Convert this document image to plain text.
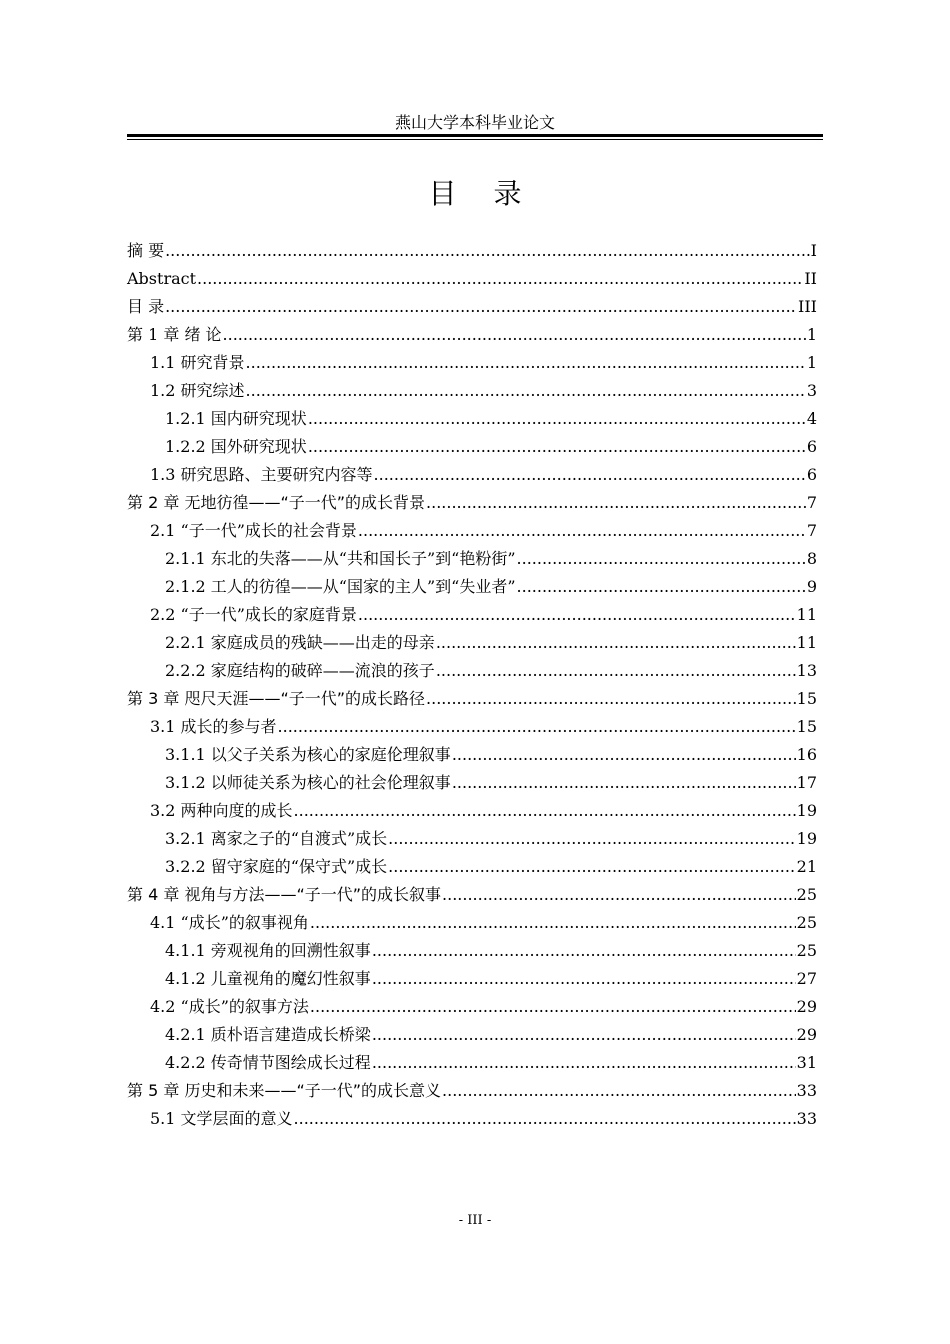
燕山大学本科毕业论文
目 录
摘 要 .....	I
Abstract .....	II
目 录 .....	III
第 1 章 绪 论 .....	1
1.1 研究背景 .....	1
1.2 研究综述 .....	3
1.2.1 国内研究现状 .....	4
1.2.2 国外研究现状 .....	6
1.3 研究思路、主要研究内容等 .....	6
第 2 章 无地彷徨——“子一代”的成长背景 .....	7
2.1 “子一代”成长的社会背景 .....	7
2.1.1 东北的失落——从“共和国长子”到“艳粉街” .....	8
2.1.2 工人的彷徨——从“国家的主人”到“失业者” .....	9
2.2 “子一代”成长的家庭背景 .....	11
2.2.1 家庭成员的残缺——出走的母亲 .....	11
2.2.2 家庭结构的破碎——流浪的孩子 .....	13
第 3 章 咫尺天涯——“子一代”的成长路径 .....	15
3.1 成长的参与者 .....	15
3.1.1 以父子关系为核心的家庭伦理叙事 .....	16
3.1.2 以师徒关系为核心的社会伦理叙事 .....	17
3.2 两种向度的成长 .....	19
3.2.1 离家之子的“自渡式”成长 .....	19
3.2.2 留守家庭的“保守式”成长 .....	21
第 4 章 视角与方法——“子一代”的成长叙事 .....	25
4.1 “成长”的叙事视角 .....	25
4.1.1 旁观视角的回溯性叙事 .....	25
4.1.2 儿童视角的魔幻性叙事 .....	27
4.2 “成长”的叙事方法 .....	29
4.2.1 质朴语言建造成长桥梁 .....	29
4.2.2 传奇情节图绘成长过程 .....	31
第 5 章 历史和未来——“子一代”的成长意义 .....	33
5.1 文学层面的意义 .....	33
- III -
